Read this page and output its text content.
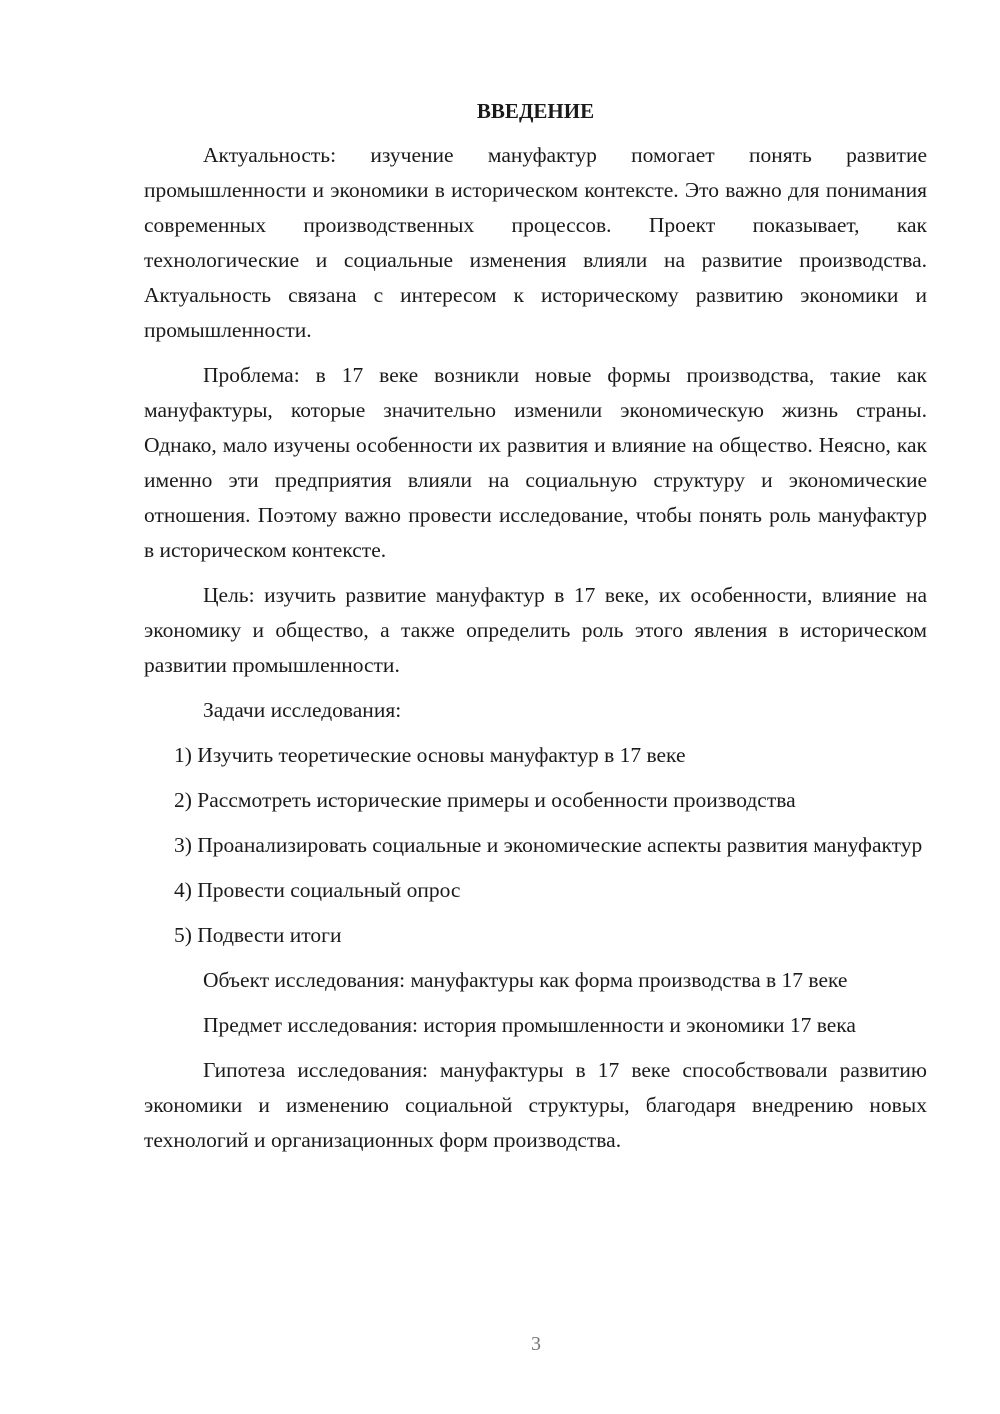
ВВЕДЕНИЕ

Актуальность: изучение мануфактур помогает понять развитие промышленности и экономики в историческом контексте. Это важно для понимания современных производственных процессов. Проект показывает, как технологические и социальные изменения влияли на развитие производства. Актуальность связана с интересом к историческому развитию экономики и промышленности.

Проблема: в 17 веке возникли новые формы производства, такие как мануфактуры, которые значительно изменили экономическую жизнь страны. Однако, мало изучены особенности их развития и влияние на общество. Неясно, как именно эти предприятия влияли на социальную структуру и экономические отношения. Поэтому важно провести исследование, чтобы понять роль мануфактур в историческом контексте.

Цель: изучить развитие мануфактур в 17 веке, их особенности, влияние на экономику и общество, а также определить роль этого явления в историческом развитии промышленности.

Задачи исследования:

1) Изучить теоретические основы мануфактур в 17 веке

2) Рассмотреть исторические примеры и особенности производства

3) Проанализировать социальные и экономические аспекты развития мануфактур

4) Провести социальный опрос

5) Подвести итоги

Объект исследования: мануфактуры как форма производства в 17 веке

Предмет исследования: история промышленности и экономики 17 века

Гипотеза исследования: мануфактуры в 17 веке способствовали развитию экономики и изменению социальной структуры, благодаря внедрению новых технологий и организационных форм производства.

3
